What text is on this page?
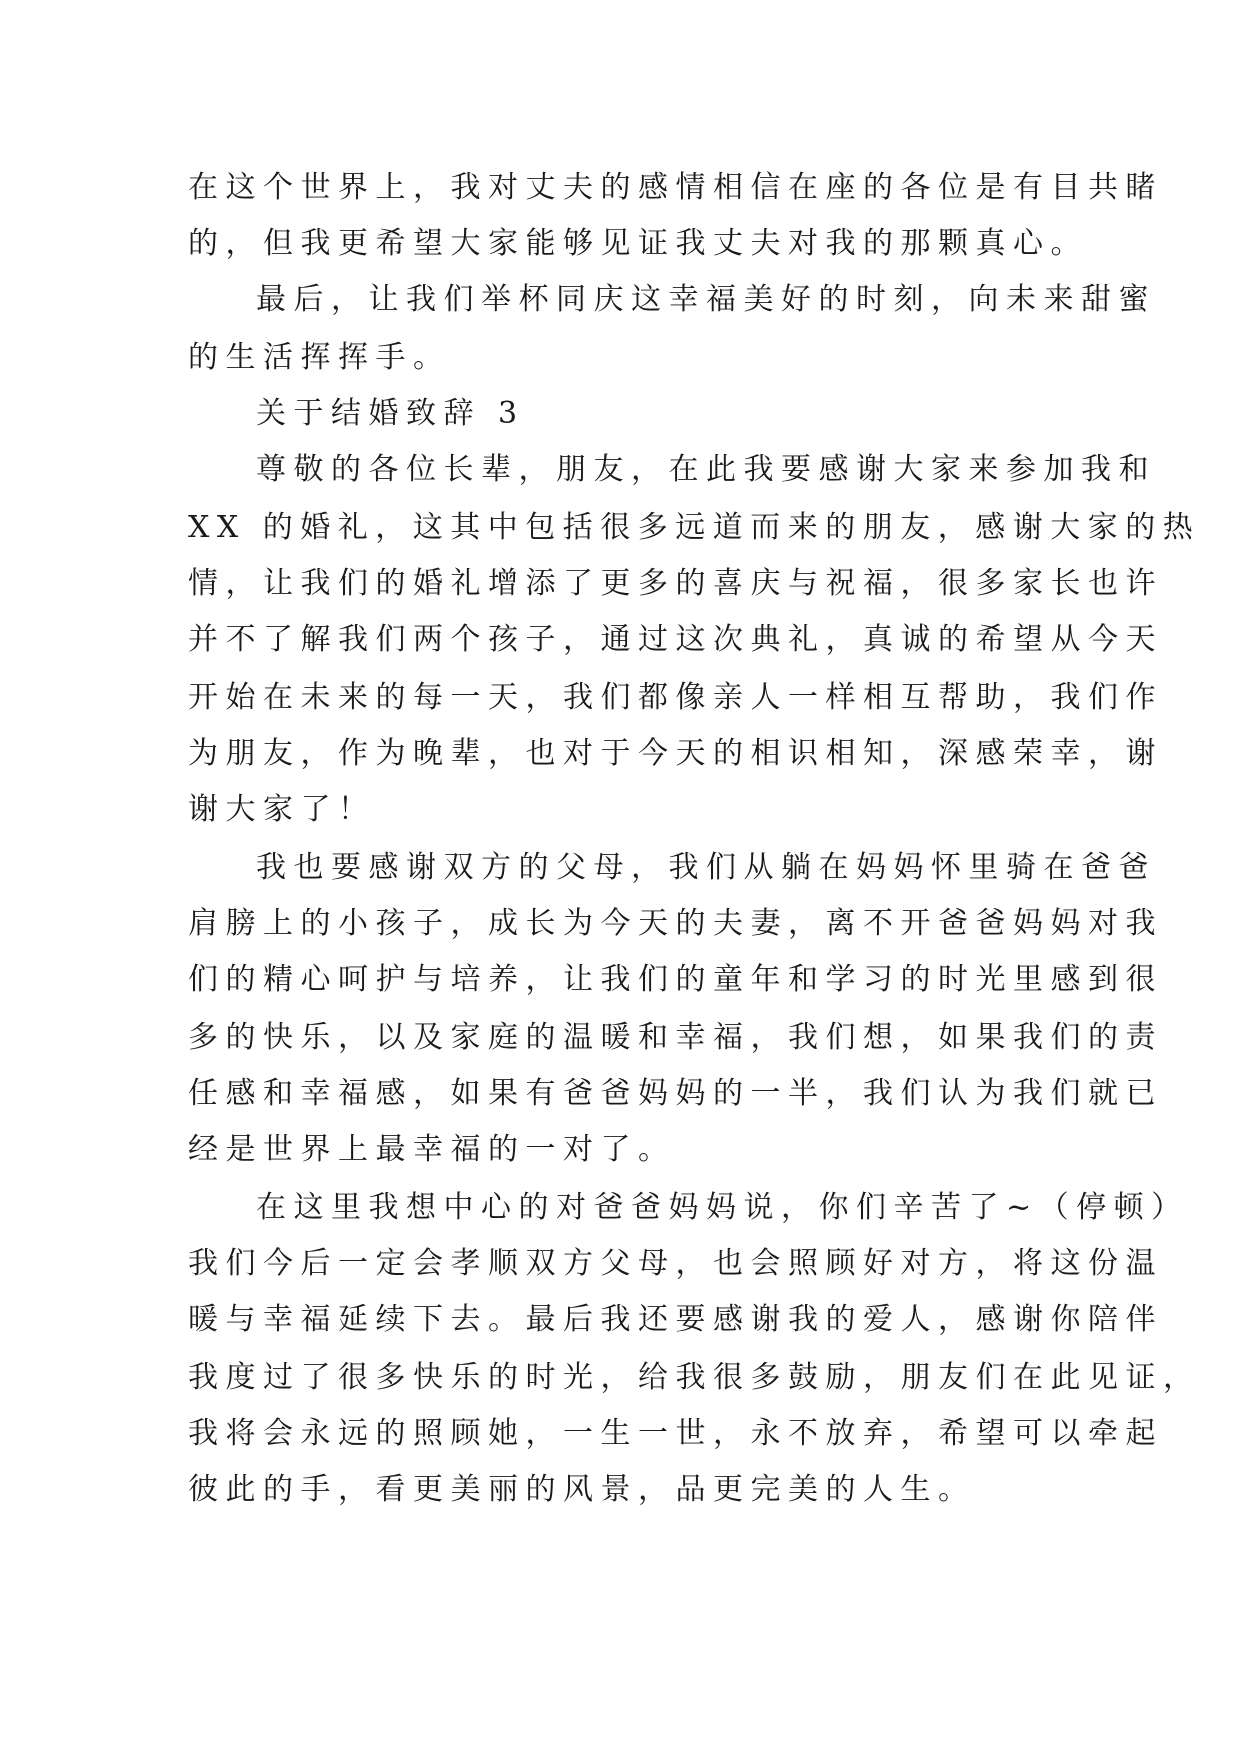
在这个世界上，我对丈夫的感情相信在座的各位是有目共睹
的，但我更希望大家能够见证我丈夫对我的那颗真心。
最后，让我们举杯同庆这幸福美好的时刻，向未来甜蜜
的生活挥挥手。
关于结婚致辞 3
尊敬的各位长辈，朋友，在此我要感谢大家来参加我和
XX 的婚礼，这其中包括很多远道而来的朋友，感谢大家的热
情，让我们的婚礼增添了更多的喜庆与祝福，很多家长也许
并不了解我们两个孩子，通过这次典礼，真诚的希望从今天
开始在未来的每一天，我们都像亲人一样相互帮助，我们作
为朋友，作为晚辈，也对于今天的相识相知，深感荣幸，谢
谢大家了！
我也要感谢双方的父母，我们从躺在妈妈怀里骑在爸爸
肩膀上的小孩子，成长为今天的夫妻，离不开爸爸妈妈对我
们的精心呵护与培养，让我们的童年和学习的时光里感到很
多的快乐，以及家庭的温暖和幸福，我们想，如果我们的责
任感和幸福感，如果有爸爸妈妈的一半，我们认为我们就已
经是世界上最幸福的一对了。
在这里我想中心的对爸爸妈妈说，你们辛苦了~（停顿）
我们今后一定会孝顺双方父母，也会照顾好对方，将这份温
暖与幸福延续下去。最后我还要感谢我的爱人，感谢你陪伴
我度过了很多快乐的时光，给我很多鼓励，朋友们在此见证，
我将会永远的照顾她，一生一世，永不放弃，希望可以牵起
彼此的手，看更美丽的风景，品更完美的人生。
